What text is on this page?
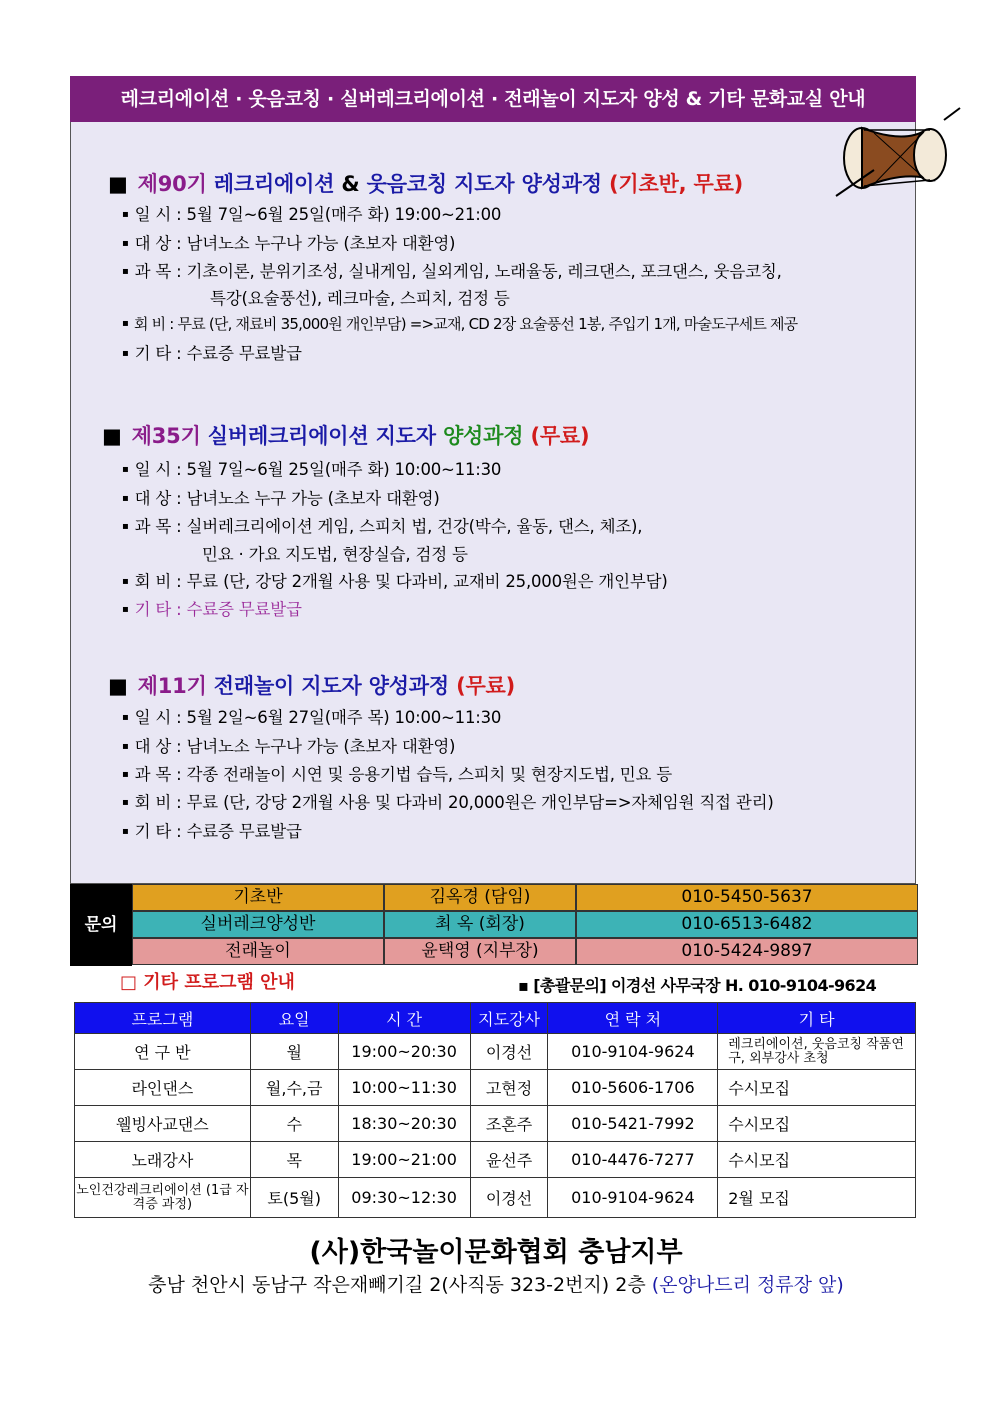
레크리에이션 · 웃음코칭 · 실버레크리에이션 · 전래놀이 지도자 양성 & 기타 문화교실 안내
■ 제90기 레크리에이션 & 웃음코칭 지도자 양성과정 (기초반, 무료)
▪ 일 시 : 5월 7일~6월 25일(매주 화) 19:00~21:00
▪ 대 상 : 남녀노소 누구나 가능 (초보자 대환영)
▪ 과 목 : 기초이론, 분위기조성, 실내게임, 실외게임, 노래율동, 레크댄스, 포크댄스, 웃음코칭,
특강(요술풍선), 레크마술, 스피치, 검정 등
▪ 회 비 : 무료 (단, 재료비 35,000원 개인부담) =>교재, CD 2장 요술풍선 1봉, 주입기 1개, 마술도구세트 제공
▪ 기 타 : 수료증 무료발급
■ 제35기 실버레크리에이션 지도자 양성과정 (무료)
▪ 일 시 : 5월 7일~6월 25일(매주 화) 10:00~11:30
▪ 대 상 : 남녀노소 누구 가능 (초보자 대환영)
▪ 과 목 : 실버레크리에이션 게임, 스피치 법, 건강(박수, 율동, 댄스, 체조),
민요 · 가요 지도법, 현장실습, 검정 등
▪ 회 비 : 무료 (단, 강당 2개월 사용 및 다과비, 교재비 25,000원은 개인부담)
▪ 기 타 : 수료증 무료발급
■ 제11기 전래놀이 지도자 양성과정 (무료)
▪ 일 시 : 5월 2일~6월 27일(매주 목) 10:00~11:30
▪ 대 상 : 남녀노소 누구나 가능 (초보자 대환영)
▪ 과 목 : 각종 전래놀이 시연 및 응용기법 습득, 스피치 및 현장지도법, 민요 등
▪ 회 비 : 무료 (단, 강당 2개월 사용 및 다과비 20,000원은 개인부담=>자체임원 직접 관리)
▪ 기 타 : 수료증 무료발급
문의
기초반	김옥경 (담임)	010-5450-5637
실버레크양성반	최 옥 (회장)	010-6513-6482
전래놀이	윤택영 (지부장)	010-5424-9897
□ 기타 프로그램 안내	▪ [총괄문의] 이경선 사무국장 H. 010-9104-9624
프로그램	요일	시 간	지도강사	연 락 처	기 타
연 구 반	월	19:00~20:30	이경선	010-9104-9624	레크리에이션, 웃음코칭 작품연구, 외부강사 초청
라인댄스	월,수,금	10:00~11:30	고현정	010-5606-1706	수시모집
웰빙사교댄스	수	18:30~20:30	조혼주	010-5421-7992	수시모집
노래강사	목	19:00~21:00	윤선주	010-4476-7277	수시모집
노인건강레크리에이션 (1급 자격증 과정)	토(5월)	09:30~12:30	이경선	010-9104-9624	2월 모집
(사)한국놀이문화협회 충남지부
충남 천안시 동남구 작은재빼기길 2(사직동 323-2번지) 2층 (온양나드리 정류장 앞)
